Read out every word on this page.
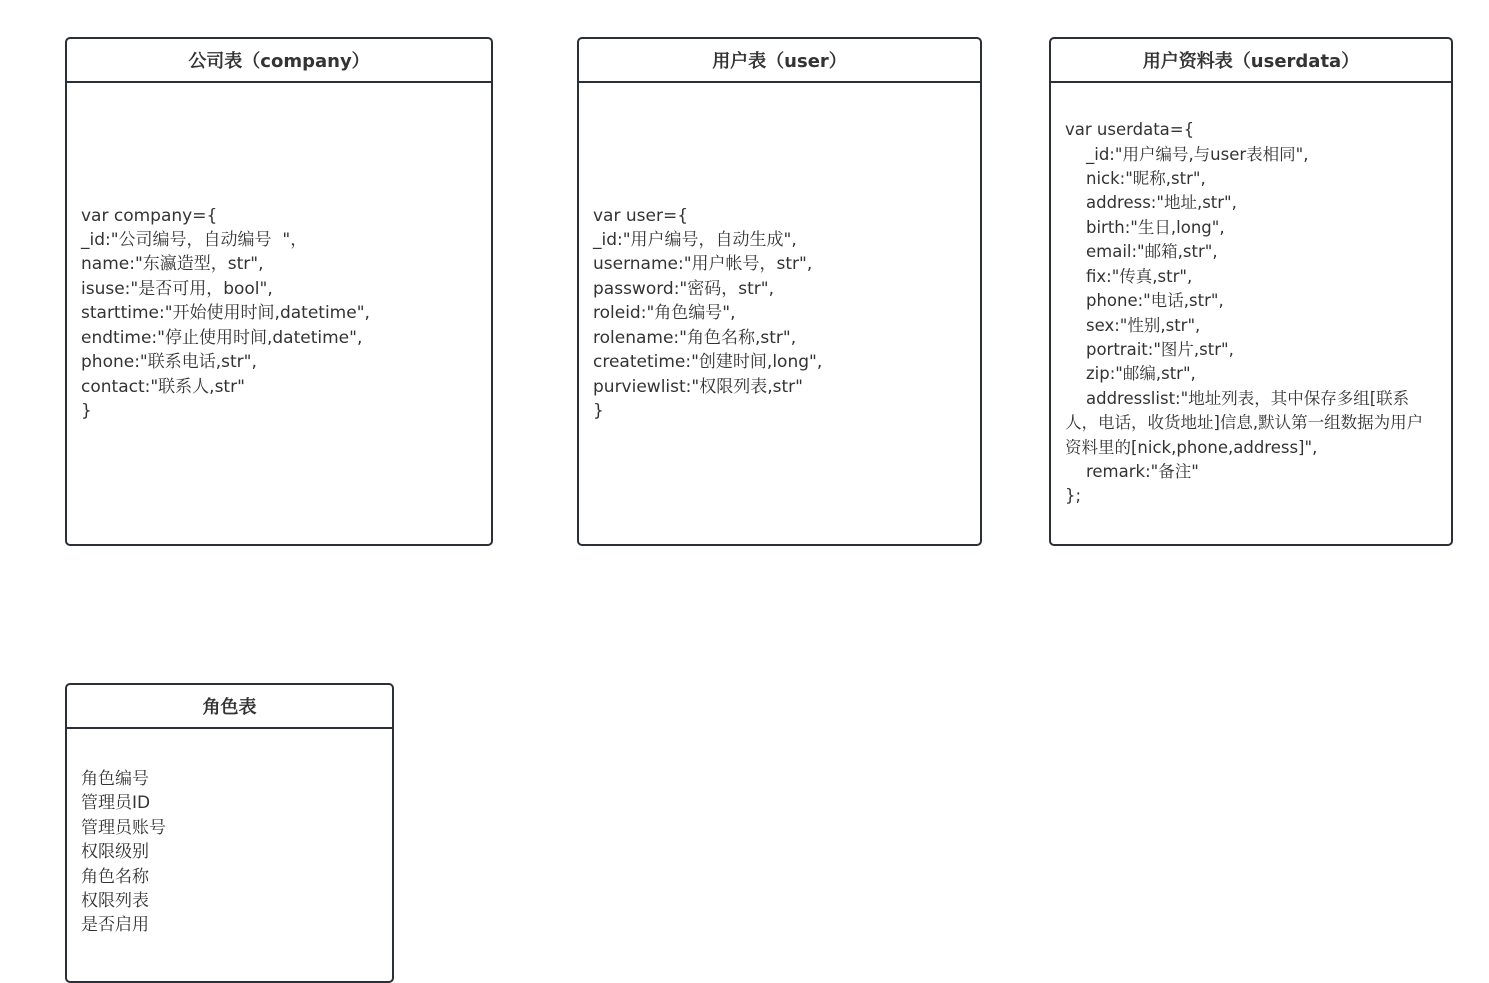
公司表（company）
var company={
_id:"公司编号，自动编号  "，
name:"东瀛造型，str",
isuse:"是否可用，bool",
starttime:"开始使用时间,datetime",
endtime:"停止使用时间,datetime",
phone:"联系电话,str",
contact:"联系人,str"
}
用户表（user）
var user={
_id:"用户编号，自动生成",
username:"用户帐号，str",
password:"密码，str",
roleid:"角色编号",
rolename:"角色名称,str",
createtime:"创建时间,long",
purviewlist:"权限列表,str"
}
用户资料表（userdata）
var userdata={
_id:"用户编号,与user表相同",
nick:"昵称,str",
address:"地址,str",
birth:"生日,long",
email:"邮箱,str",
fix:"传真,str",
phone:"电话,str",
sex:"性别,str",
portrait:"图片,str",
zip:"邮编,str",
addresslist:"地址列表，其中保存多组[联系人，电话，收货地址]信息,默认第一组数据为用户资料里的[nick,phone,address]",
remark:"备注"
};
角色表
角色编号
管理员ID
管理员账号
权限级别
角色名称
权限列表
是否启用
